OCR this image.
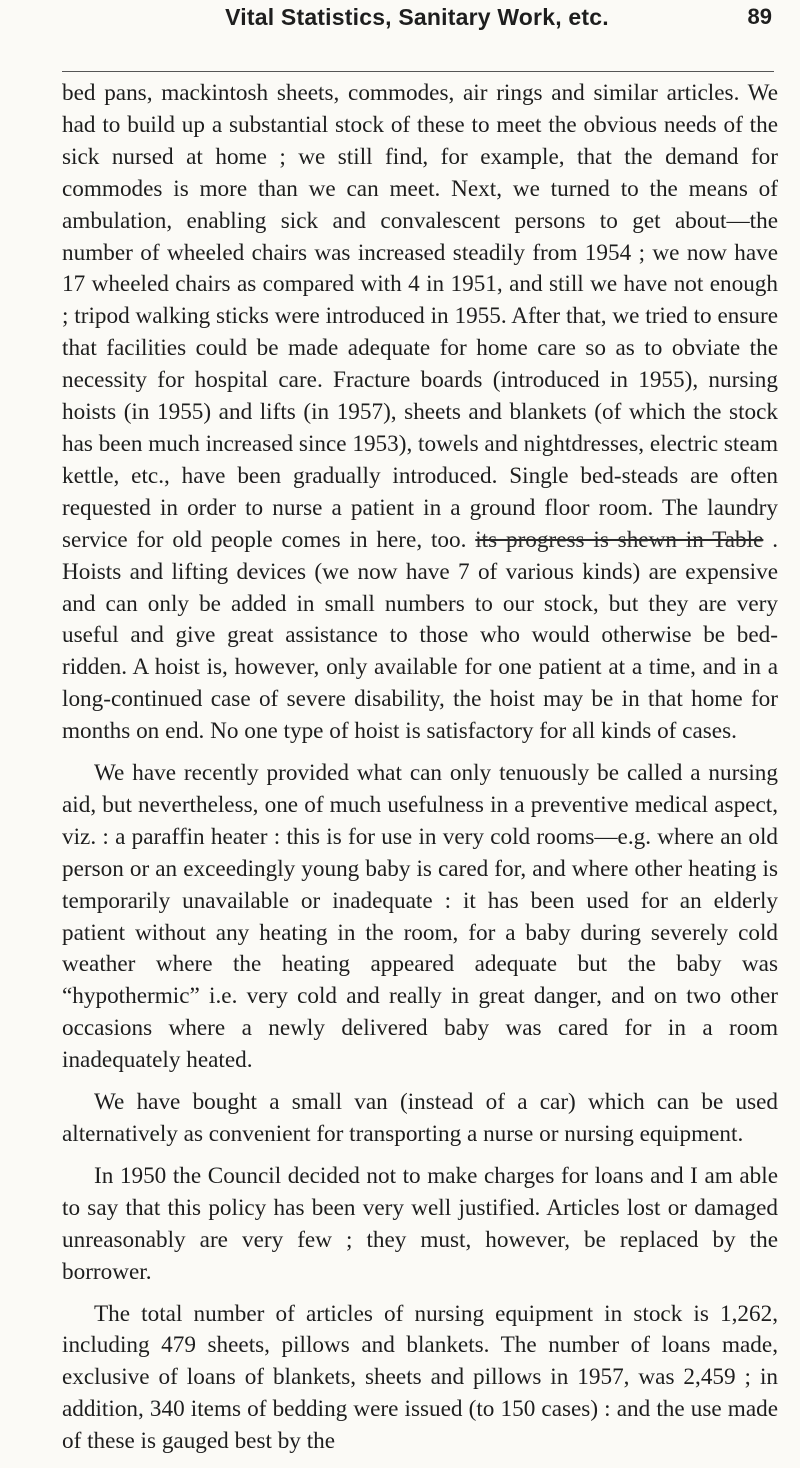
Vital Statistics, Sanitary Work, etc.	89

bed pans, mackintosh sheets, commodes, air rings and similar articles. We had to build up a substantial stock of these to meet the obvious needs of the sick nursed at home ; we still find, for example, that the demand for commodes is more than we can meet. Next, we turned to the means of ambulation, enabling sick and convalescent persons to get about—the number of wheeled chairs was increased steadily from 1954 ; we now have 17 wheeled chairs as compared with 4 in 1951, and still we have not enough ; tripod walking sticks were introduced in 1955. After that, we tried to ensure that facilities could be made adequate for home care so as to obviate the necessity for hospital care. Fracture boards (introduced in 1955), nursing hoists (in 1955) and lifts (in 1957), sheets and blankets (of which the stock has been much increased since 1953), towels and nightdresses, electric steam kettle, etc., have been gradually introduced. Single bed-steads are often requested in order to nurse a patient in a ground floor room. The laundry service for old people comes in here, too. its progress is shewn in Table . Hoists and lifting devices (we now have 7 of various kinds) are expensive and can only be added in small numbers to our stock, but they are very useful and give great assistance to those who would otherwise be bed-ridden. A hoist is, however, only available for one patient at a time, and in a long-continued case of severe disability, the hoist may be in that home for months on end. No one type of hoist is satisfactory for all kinds of cases.

We have recently provided what can only tenuously be called a nursing aid, but nevertheless, one of much usefulness in a preventive medical aspect, viz. : a paraffin heater : this is for use in very cold rooms—e.g. where an old person or an exceedingly young baby is cared for, and where other heating is temporarily unavailable or inadequate : it has been used for an elderly patient without any heating in the room, for a baby during severely cold weather where the heating appeared adequate but the baby was “hypothermic” i.e. very cold and really in great danger, and on two other occasions where a newly delivered baby was cared for in a room inadequately heated.

We have bought a small van (instead of a car) which can be used alternatively as convenient for transporting a nurse or nursing equipment.

In 1950 the Council decided not to make charges for loans and I am able to say that this policy has been very well justified. Articles lost or damaged unreasonably are very few ; they must, however, be replaced by the borrower.

The total number of articles of nursing equipment in stock is 1,262, including 479 sheets, pillows and blankets. The number of loans made, exclusive of loans of blankets, sheets and pillows in 1957, was 2,459 ; in addition, 340 items of bedding were issued (to 150 cases) : and the use made of these is gauged best by the
